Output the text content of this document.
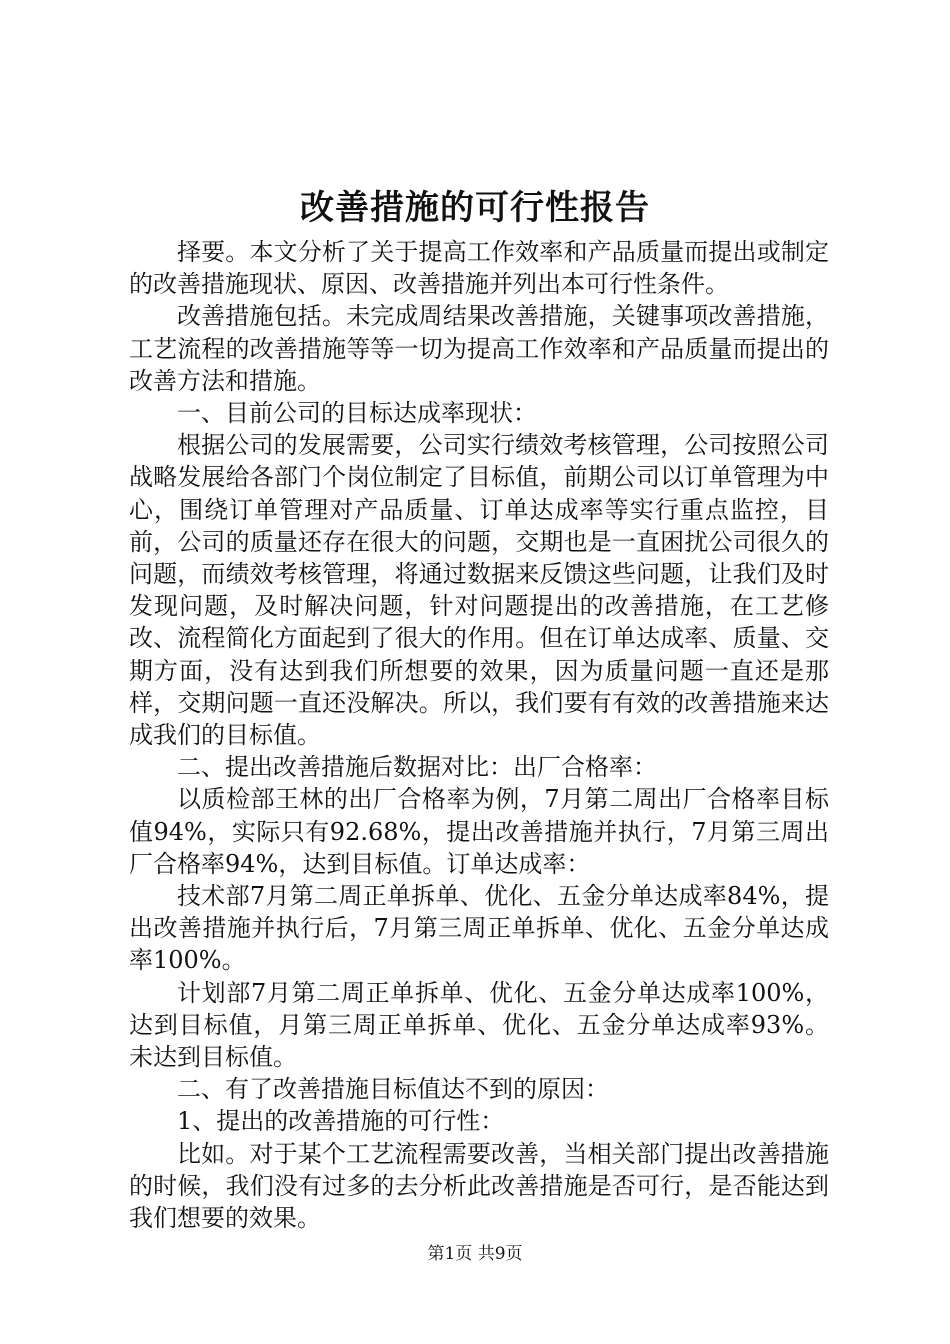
改善措施的可行性报告

择要。本文分析了关于提高工作效率和产品质量而提出或制定的改善措施现状、原因、改善措施并列出本可行性条件。

改善措施包括。未完成周结果改善措施，关键事项改善措施，工艺流程的改善措施等等一切为提高工作效率和产品质量而提出的改善方法和措施。

一、目前公司的目标达成率现状：

根据公司的发展需要，公司实行绩效考核管理，公司按照公司战略发展给各部门个岗位制定了目标值，前期公司以订单管理为中心，围绕订单管理对产品质量、订单达成率等实行重点监控，目前，公司的质量还存在很大的问题，交期也是一直困扰公司很久的问题，而绩效考核管理，将通过数据来反馈这些问题，让我们及时发现问题，及时解决问题，针对问题提出的改善措施，在工艺修改、流程简化方面起到了很大的作用。但在订单达成率、质量、交期方面，没有达到我们所想要的效果，因为质量问题一直还是那样，交期问题一直还没解决。所以，我们要有有效的改善措施来达成我们的目标值。

二、提出改善措施后数据对比：出厂合格率：

以质检部王林的出厂合格率为例，7月第二周出厂合格率目标值94%，实际只有92.68%，提出改善措施并执行，7月第三周出厂合格率94%，达到目标值。订单达成率：

技术部7月第二周正单拆单、优化、五金分单达成率84%，提出改善措施并执行后，7月第三周正单拆单、优化、五金分单达成率100%。

计划部7月第二周正单拆单、优化、五金分单达成率100%，达到目标值，月第三周正单拆单、优化、五金分单达成率93%。未达到目标值。

二、有了改善措施目标值达不到的原因：

1、提出的改善措施的可行性：

比如。对于某个工艺流程需要改善，当相关部门提出改善措施的时候，我们没有过多的去分析此改善措施是否可行，是否能达到我们想要的效果。

第1页 共9页
